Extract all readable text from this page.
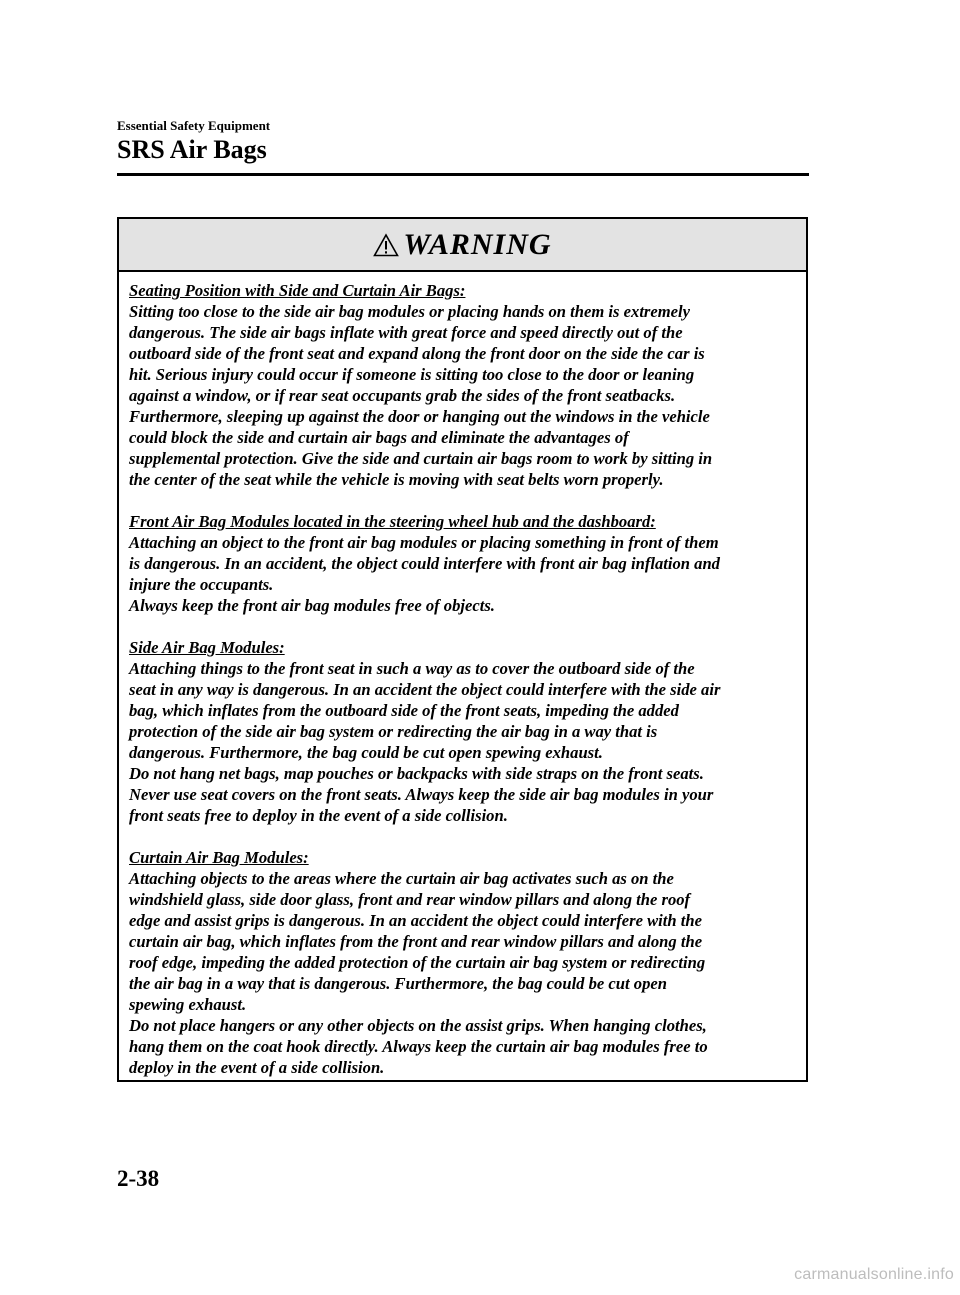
Essential Safety Equipment
SRS Air Bags
WARNING
Seating Position with Side and Curtain Air Bags:
Sitting too close to the side air bag modules or placing hands on them is extremely
dangerous. The side air bags inflate with great force and speed directly out of the
outboard side of the front seat and expand along the front door on the side the car is
hit. Serious injury could occur if someone is sitting too close to the door or leaning
against a window, or if rear seat occupants grab the sides of the front seatbacks.
Furthermore, sleeping up against the door or hanging out the windows in the vehicle
could block the side and curtain air bags and eliminate the advantages of
supplemental protection. Give the side and curtain air bags room to work by sitting in
the center of the seat while the vehicle is moving with seat belts worn properly.
Front Air Bag Modules located in the steering wheel hub and the dashboard:
Attaching an object to the front air bag modules or placing something in front of them
is dangerous. In an accident, the object could interfere with front air bag inflation and
injure the occupants.
Always keep the front air bag modules free of objects.
Side Air Bag Modules:
Attaching things to the front seat in such a way as to cover the outboard side of the
seat in any way is dangerous. In an accident the object could interfere with the side air
bag, which inflates from the outboard side of the front seats, impeding the added
protection of the side air bag system or redirecting the air bag in a way that is
dangerous. Furthermore, the bag could be cut open spewing exhaust.
Do not hang net bags, map pouches or backpacks with side straps on the front seats.
Never use seat covers on the front seats. Always keep the side air bag modules in your
front seats free to deploy in the event of a side collision.
Curtain Air Bag Modules:
Attaching objects to the areas where the curtain air bag activates such as on the
windshield glass, side door glass, front and rear window pillars and along the roof
edge and assist grips is dangerous. In an accident the object could interfere with the
curtain air bag, which inflates from the front and rear window pillars and along the
roof edge, impeding the added protection of the curtain air bag system or redirecting
the air bag in a way that is dangerous. Furthermore, the bag could be cut open
spewing exhaust.
Do not place hangers or any other objects on the assist grips. When hanging clothes,
hang them on the coat hook directly. Always keep the curtain air bag modules free to
deploy in the event of a side collision.
2-38
carmanualsonline.info
